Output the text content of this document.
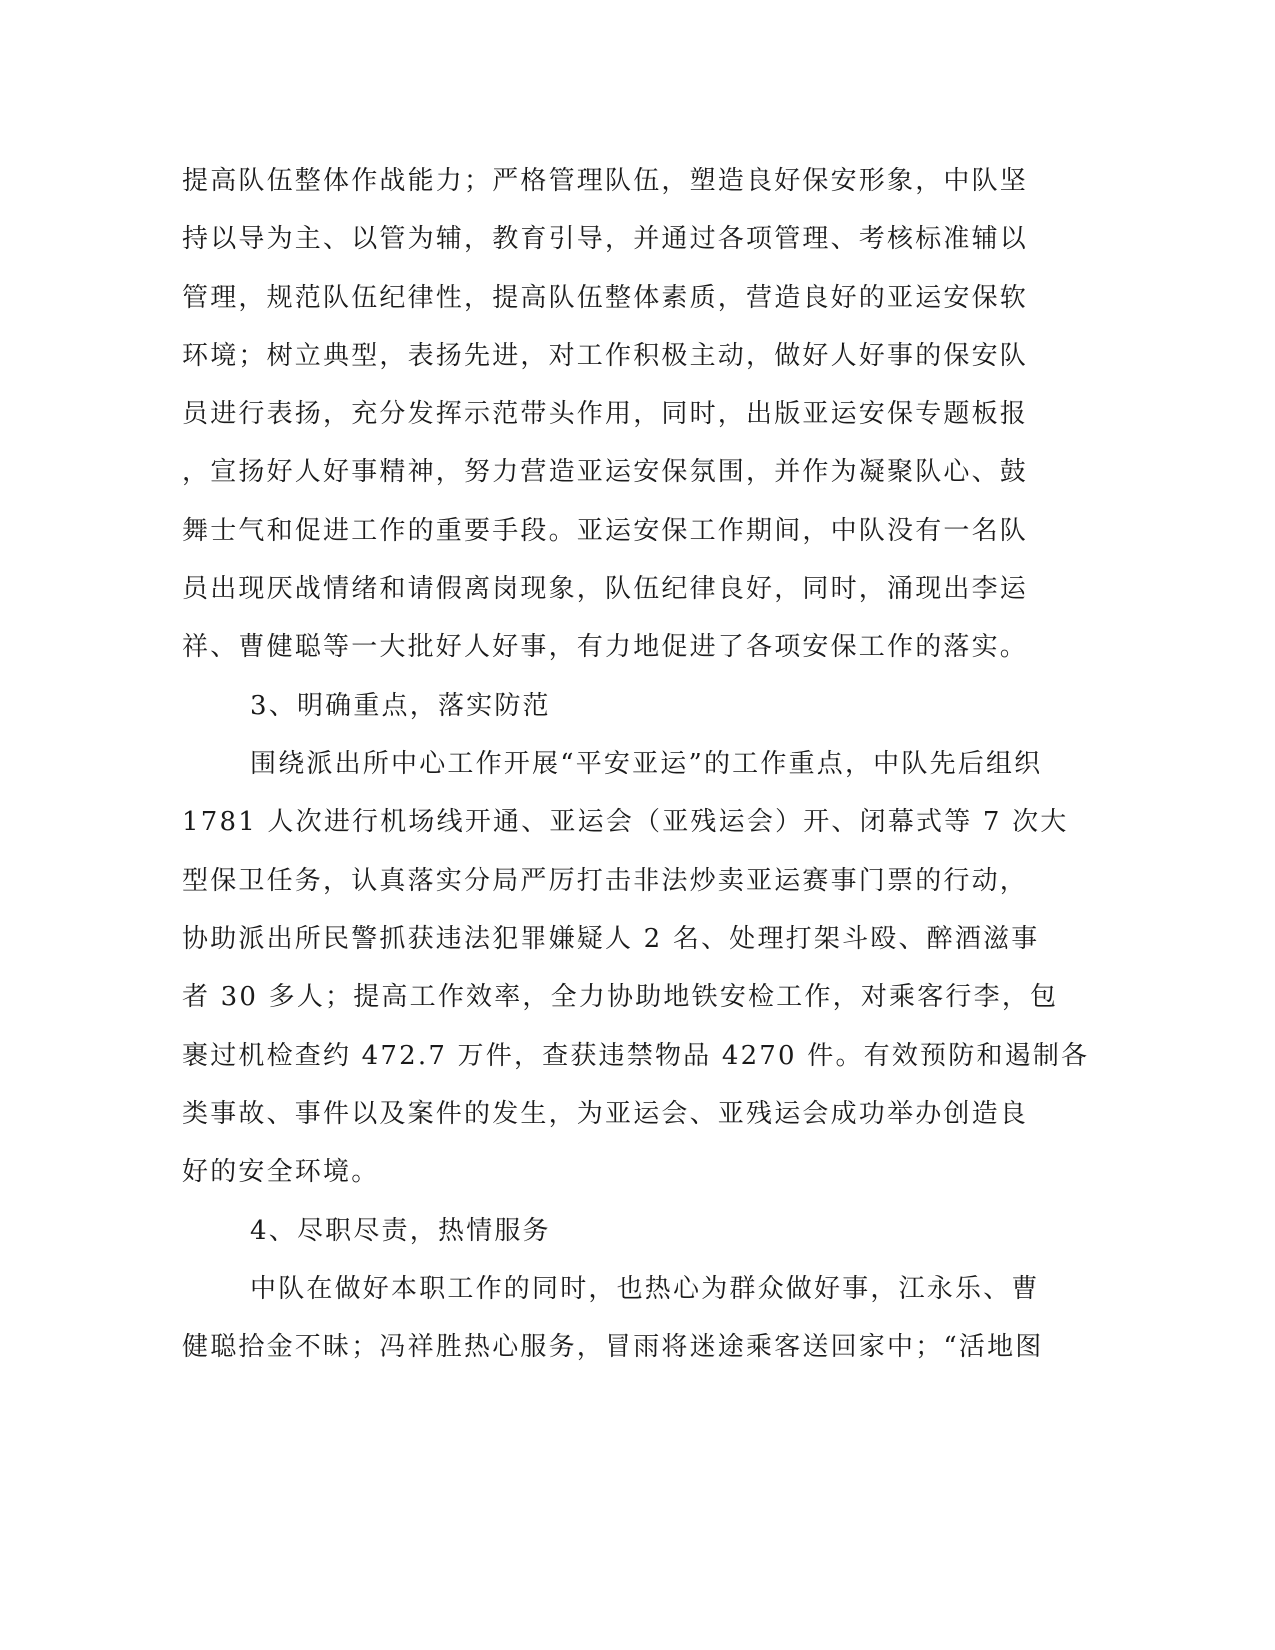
提高队伍整体作战能力；严格管理队伍，塑造良好保安形象，中队坚
持以导为主、以管为辅，教育引导，并通过各项管理、考核标准辅以
管理，规范队伍纪律性，提高队伍整体素质，营造良好的亚运安保软
环境；树立典型，表扬先进，对工作积极主动，做好人好事的保安队
员进行表扬，充分发挥示范带头作用，同时，出版亚运安保专题板报
，宣扬好人好事精神，努力营造亚运安保氛围，并作为凝聚队心、鼓
舞士气和促进工作的重要手段。亚运安保工作期间，中队没有一名队
员出现厌战情绪和请假离岗现象，队伍纪律良好，同时，涌现出李运
祥、曹健聪等一大批好人好事，有力地促进了各项安保工作的落实。
3、明确重点，落实防范
围绕派出所中心工作开展“平安亚运”的工作重点，中队先后组织
1781 人次进行机场线开通、亚运会（亚残运会）开、闭幕式等 7 次大
型保卫任务，认真落实分局严厉打击非法炒卖亚运赛事门票的行动，
协助派出所民警抓获违法犯罪嫌疑人 2 名、处理打架斗殴、醉酒滋事
者 30 多人；提高工作效率，全力协助地铁安检工作，对乘客行李，包
裹过机检查约 472.7 万件，查获违禁物品 4270 件。有效预防和遏制各
类事故、事件以及案件的发生，为亚运会、亚残运会成功举办创造良
好的安全环境。
4、尽职尽责，热情服务
中队在做好本职工作的同时，也热心为群众做好事，江永乐、曹
健聪拾金不昧；冯祥胜热心服务，冒雨将迷途乘客送回家中；“活地图
